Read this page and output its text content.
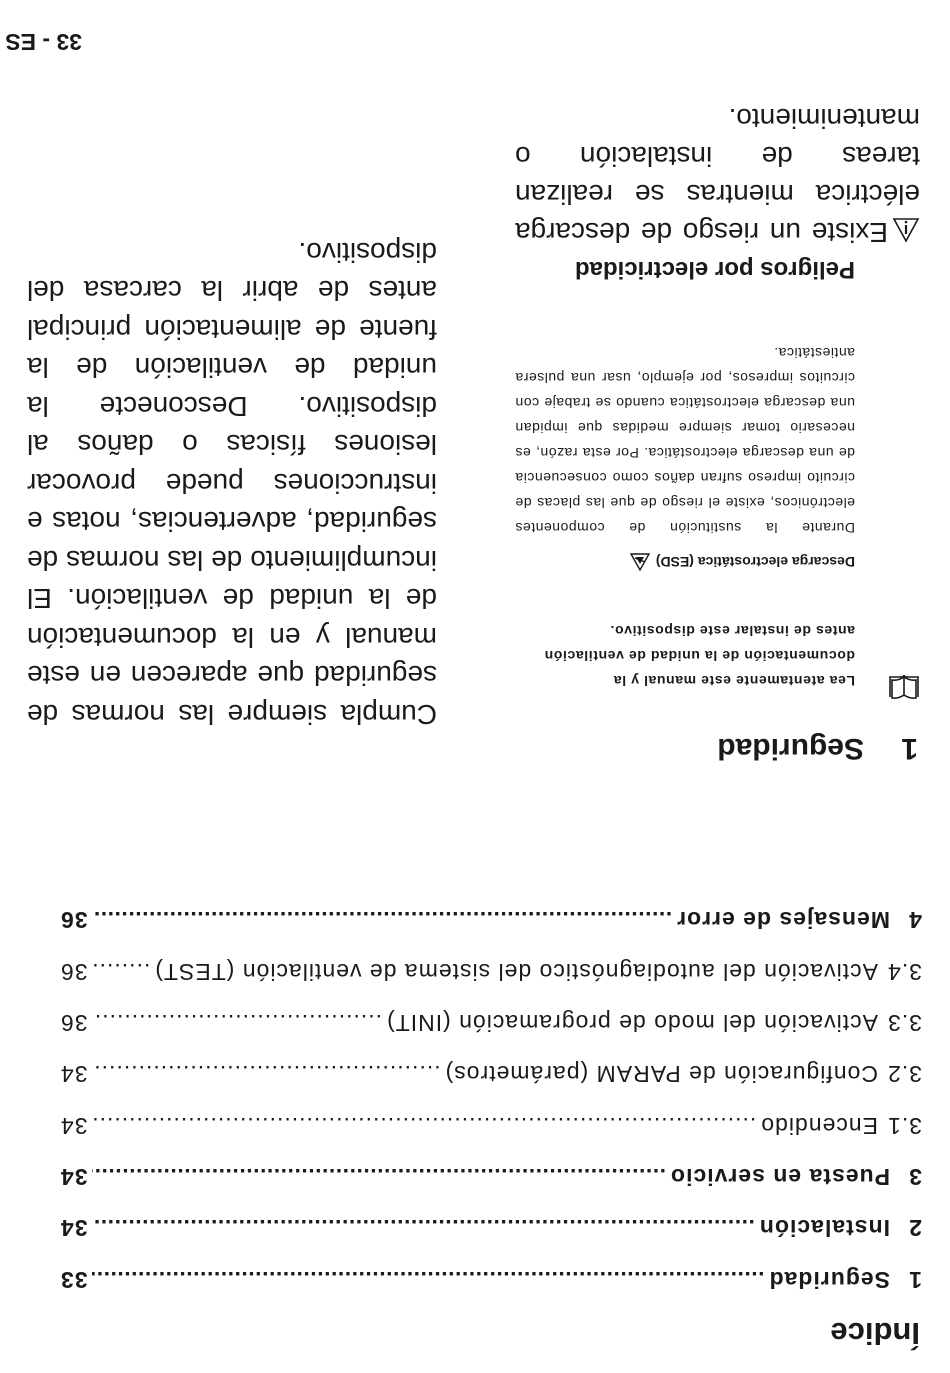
Índice
1
Seguridad
.....
33
2
Instalación
.....
34
3
Puesta en servicio
.....
34
3.1
Encendido
.....
34
3.2
Configuración de PARAM (parámetros)
.....
34
3.3
Activación del modo de programación (INIT)
.....
36
3.4
Activación del autodiagnóstico del sistema de ventilación (TEST)
.....
36
4
Mensajes de error
.....
36
1Seguridad
Lea atentamente este manual y la documentación de la unidad de ventilación antes de instalar este dispositivo.
Descarga electrostática (ESD)
Durante la sustitución de componentes electrónicos, existe el riesgo de que las placas de circuito impreso sufran daños como consecuencia de una descarga electrostática. Por esta razón, es necesario tomar siempre medidas que impidan una descarga electrostática cuando se trabaje con circuitos impresos, por ejemplo, usar una pulsera antiestática.
Peligros por electricidad
Existe un riesgo de descarga eléctrica mientras se realizan tareas de instalación o mantenimiento.
Cumpla siempre las normas de seguridad que aparecen en este manual y en la documentación de la unidad de ventilación. El incumplimiento de las normas de seguridad, advertencias, notas e instrucciones puede provocar lesiones físicas o daños al dispositivo. Desconecte la unidad de ventilación de la fuente de alimentación principal antes de abrir la carcasa del dispositivo.
33 - ES
